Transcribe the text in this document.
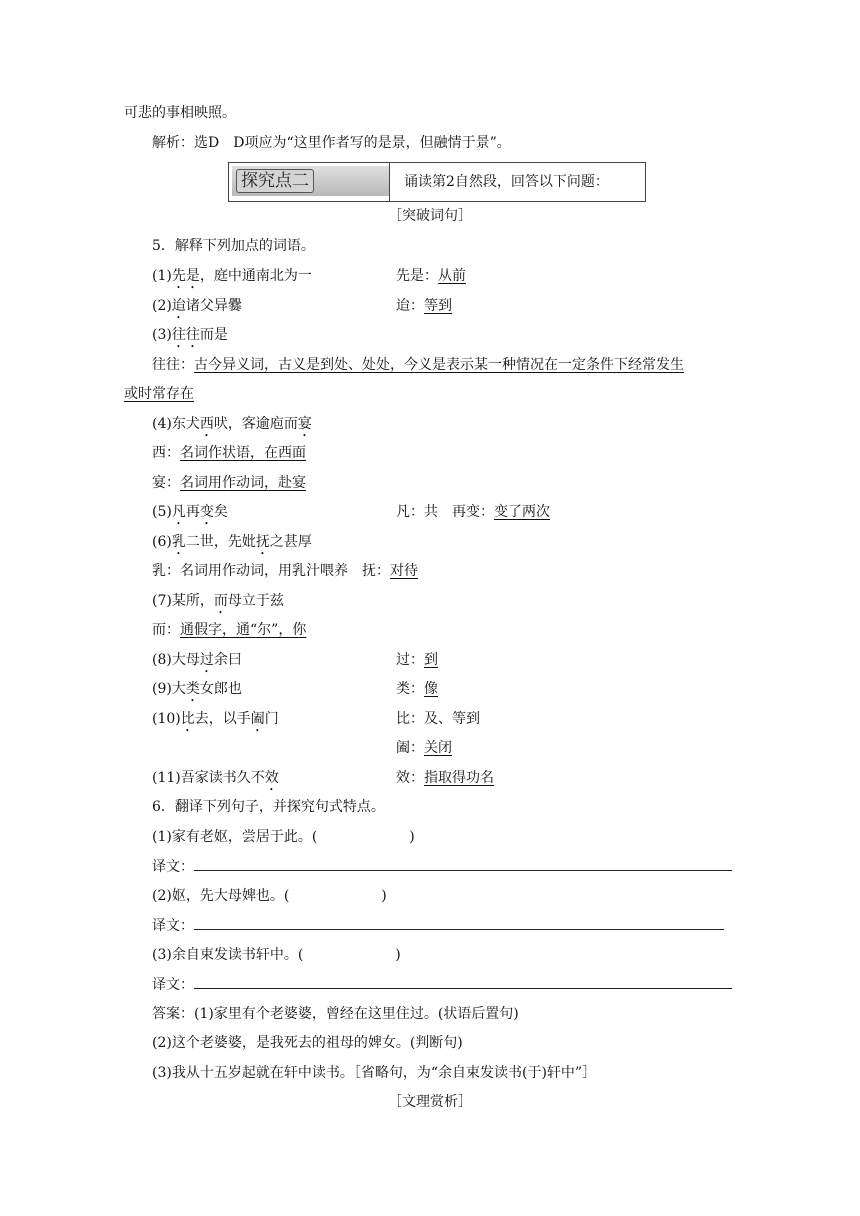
可悲的事相映照。
解析：选D　D项应为“这里作者写的是景，但融情于景”。
探究点二	诵读第2自然段，回答以下问题：
［突破词句］
5．解释下列加点的词语。
(1)先是，庭中通南北为一	先是：从前
(2)迨诸父异爨	迨：等到
(3)往往而是
往往：古今异义词，古义是到处、处处，今义是表示某一种情况在一定条件下经常发生
或时常存在
(4)东犬西吠，客逾庖而宴
西：名词作状语，在西面
宴：名词用作动词，赴宴
(5)凡再变矣	凡：共　再变：变了两次
(6)乳二世，先妣抚之甚厚
乳：名词用作动词，用乳汁喂养　抚：对待
(7)某所，而母立于兹
而：通假字，通“尔”，你
(8)大母过余曰	过：到
(9)大类女郎也	类：像
(10)比去，以手阖门	比：及、等到
阖：关闭
(11)吾家读书久不效	效：指取得功名
6．翻译下列句子，并探究句式特点。
(1)家有老妪，尝居于此。(	)
译文：
(2)妪，先大母婢也。(	)
译文：
(3)余自束发读书轩中。(	)
译文：
答案：(1)家里有个老婆婆，曾经在这里住过。(状语后置句)
(2)这个老婆婆，是我死去的祖母的婢女。(判断句)
(3)我从十五岁起就在轩中读书。［省略句，为“余自束发读书(于)轩中”］
［文理赏析］
